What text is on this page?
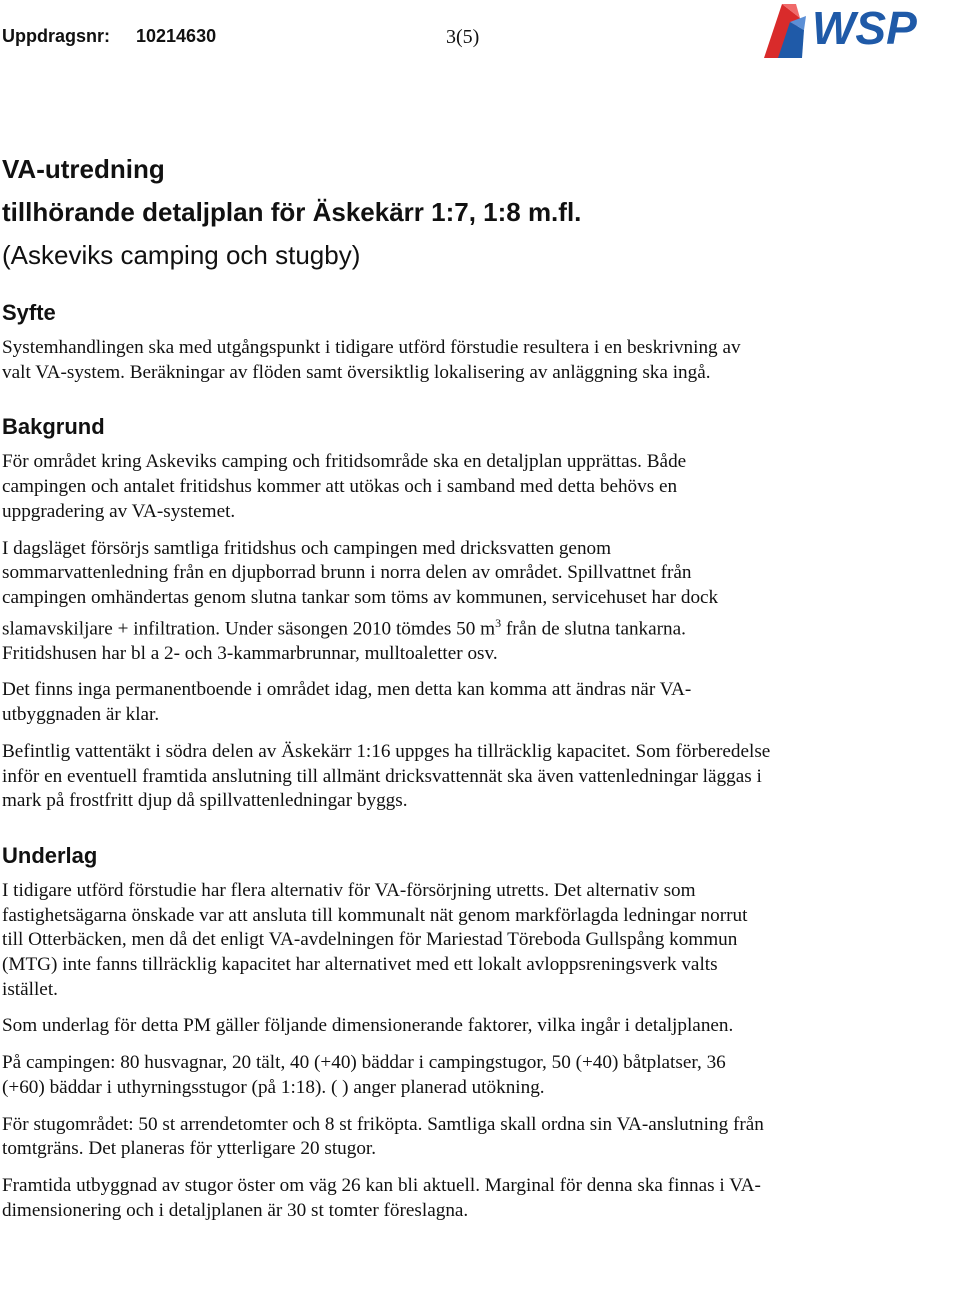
Uppdragsnr: 10214630	3(5)	WSP
VA-utredning
tillhörande detaljplan för Äskekärr 1:7, 1:8 m.fl.
(Askeviks camping och stugby)
Syfte

Systemhandlingen ska med utgångspunkt i tidigare utförd förstudie resultera i en beskrivning av valt VA-system. Beräkningar av flöden samt översiktlig lokalisering av anläggning ska ingå.

Bakgrund

För området kring Askeviks camping och fritidsområde ska en detaljplan upprättas. Både campingen och antalet fritidshus kommer att utökas och i samband med detta behövs en uppgradering av VA-systemet.

I dagsläget försörjs samtliga fritidshus och campingen med dricksvatten genom sommarvattenledning från en djupborrad brunn i norra delen av området. Spillvattnet från campingen omhändertas genom slutna tankar som töms av kommunen, servicehuset har dock slamavskiljare + infiltration. Under säsongen 2010 tömdes 50 $m^3$ från de slutna tankarna. Fritidshusen har bl a 2- och 3-kammarbrunnar, mulltoaletter osv.

Det finns inga permanentboende i området idag, men detta kan komma att ändras när VA-utbyggnaden är klar.

Befintlig vattentäkt i södra delen av Äskekärr 1:16 uppges ha tillräcklig kapacitet. Som förberedelse inför en eventuell framtida anslutning till allmänt dricksvattennät ska även vattenledningar läggas i mark på frostfritt djup då spillvattenledningar byggs.

Underlag

I tidigare utförd förstudie har flera alternativ för VA-försörjning utretts. Det alternativ som fastighetsägarna önskade var att ansluta till kommunalt nät genom markförlagda ledningar norrut till Otterbäcken, men då det enligt VA-avdelningen för Mariestad Töreboda Gullspång kommun (MTG) inte fanns tillräcklig kapacitet har alternativet med ett lokalt avloppsreningsverk valts istället.

Som underlag för detta PM gäller följande dimensionerande faktorer, vilka ingår i detaljplanen.

På campingen: 80 husvagnar, 20 tält, 40 (+40) bäddar i campingstugor, 50 (+40) båtplatser, 36 (+60) bäddar i uthyrningsstugor (på 1:18). ( ) anger planerad utökning.

För stugområdet: 50 st arrendetomter och 8 st friköpta. Samtliga skall ordna sin VA-anslutning från tomtgräns. Det planeras för ytterligare 20 stugor.

Framtida utbyggnad av stugor öster om väg 26 kan bli aktuell. Marginal för denna ska finnas i VA-dimensionering och i detaljplanen är 30 st tomter föreslagna.
